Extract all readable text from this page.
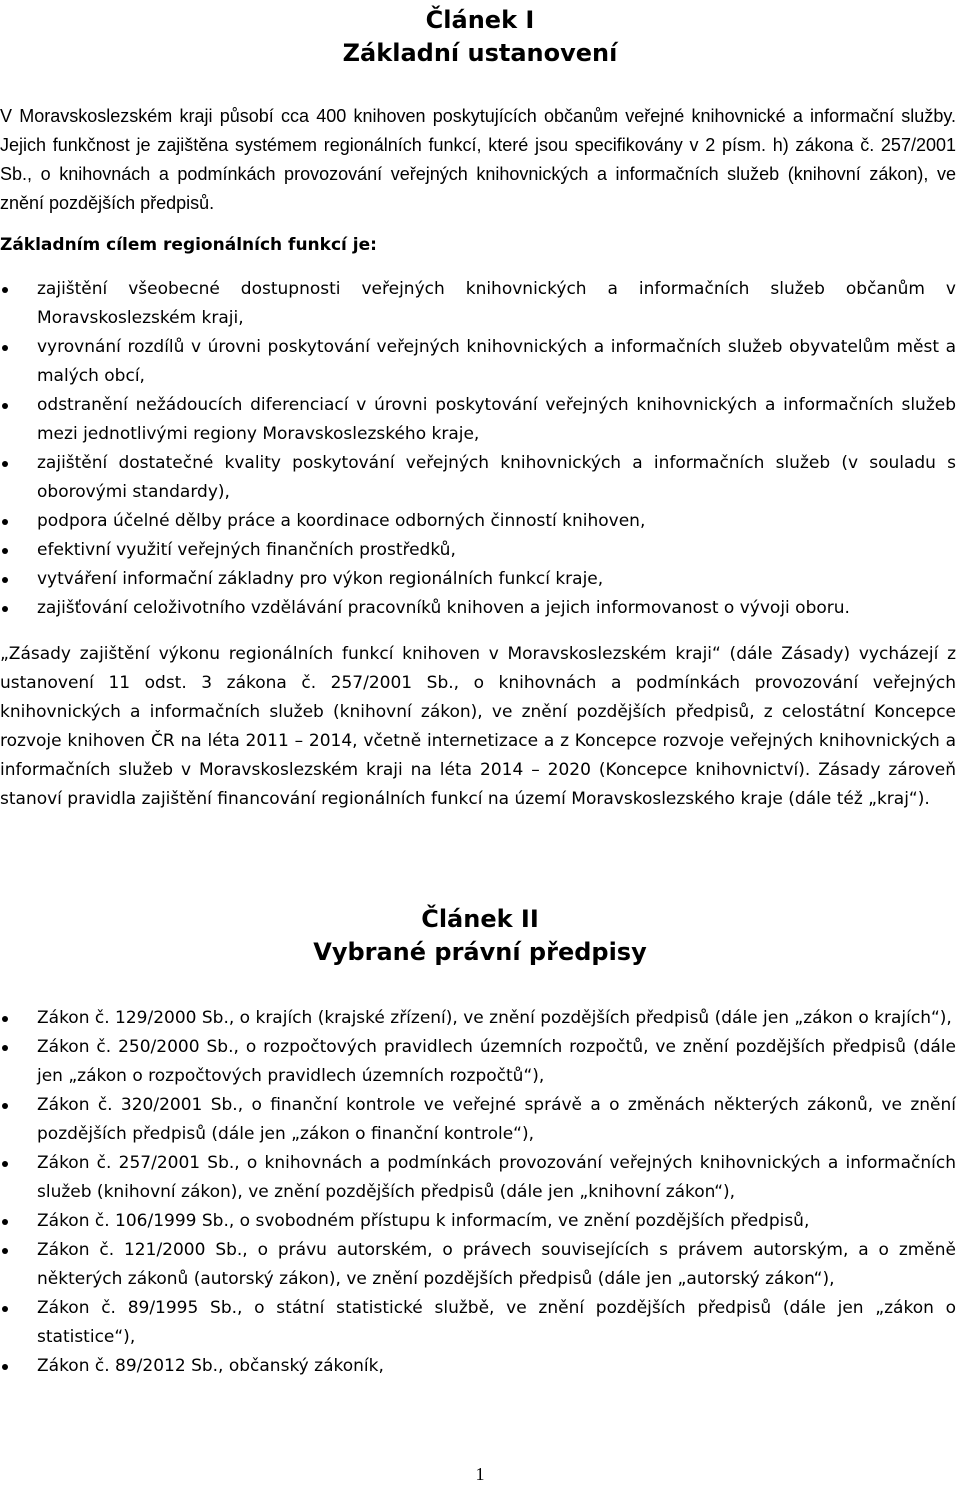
Článek I
Základní ustanovení

V Moravskoslezském kraji působí cca 400 knihoven poskytujících občanům veřejné knihovnické a informační služby. Jejich funkčnost je zajištěna systémem regionálních funkcí, které jsou specifikovány v 2 písm. h) zákona č. 257/2001 Sb., o knihovnách a podmínkách provozování veřejných knihovnických a informačních služeb (knihovní zákon), ve znění pozdějších předpisů.

Základním cílem regionálních funkcí je:

zajištění všeobecné dostupnosti veřejných knihovnických a informačních služeb občanům v Moravskoslezském kraji,
vyrovnání rozdílů v úrovni poskytování veřejných knihovnických a informačních služeb obyvatelům měst a malých obcí,
odstranění nežádoucích diferenciací v úrovni poskytování veřejných knihovnických a informačních služeb mezi jednotlivými regiony Moravskoslezského kraje,
zajištění dostatečné kvality poskytování veřejných knihovnických a informačních služeb (v souladu s oborovými standardy),
podpora účelné dělby práce a koordinace odborných činností knihoven,
efektivní využití veřejných finančních prostředků,
vytváření informační základny pro výkon regionálních funkcí kraje,
zajišťování celoživotního vzdělávání pracovníků knihoven a jejich informovanost o vývoji oboru.

„Zásady zajištění výkonu regionálních funkcí knihoven v Moravskoslezském kraji“ (dále Zásady) vycházejí z ustanovení 11 odst. 3 zákona č. 257/2001 Sb., o knihovnách a podmínkách provozování veřejných knihovnických a informačních služeb (knihovní zákon), ve znění pozdějších předpisů, z celostátní Koncepce rozvoje knihoven ČR na léta 2011 – 2014, včetně internetizace a z Koncepce rozvoje veřejných knihovnických a informačních služeb v Moravskoslezském kraji na léta 2014 – 2020 (Koncepce knihovnictví). Zásady zároveň stanoví pravidla zajištění financování regionálních funkcí na území Moravskoslezského kraje (dále též „kraj“).

Článek II
Vybrané právní předpisy
Zákon č. 129/2000 Sb., o krajích (krajské zřízení), ve znění pozdějších předpisů (dále jen „zákon o krajích“),
Zákon č. 250/2000 Sb., o rozpočtových pravidlech územních rozpočtů, ve znění pozdějších předpisů (dále jen „zákon o rozpočtových pravidlech územních rozpočtů“),
Zákon č. 320/2001 Sb., o finanční kontrole ve veřejné správě a o změnách některých zákonů, ve znění pozdějších předpisů (dále jen „zákon o finanční kontrole“),
Zákon č. 257/2001 Sb., o knihovnách a podmínkách provozování veřejných knihovnických a informačních služeb (knihovní zákon), ve znění pozdějších předpisů (dále jen „knihovní zákon“),
Zákon č. 106/1999 Sb., o svobodném přístupu k informacím, ve znění pozdějších předpisů,
Zákon č. 121/2000 Sb., o právu autorském, o právech souvisejících s právem autorským, a o změně některých zákonů (autorský zákon), ve znění pozdějších předpisů (dále jen „autorský zákon“),
Zákon č. 89/1995 Sb., o státní statistické službě, ve znění pozdějších předpisů (dále jen „zákon o statistice“),
Zákon č. 89/2012 Sb., občanský zákoník,
1
